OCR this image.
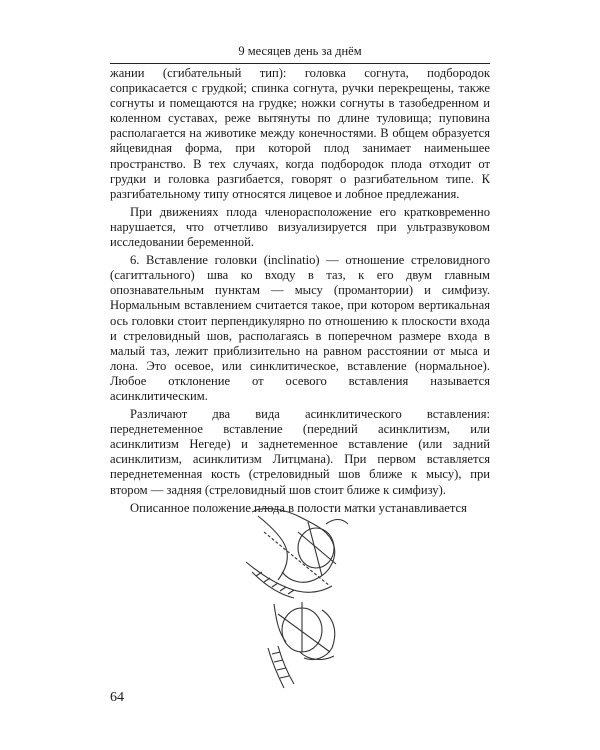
9 месяцев день за днём

жании (сгибательный тип): головка согнута, подбородок соприкасается с грудкой; спинка согнута, ручки перекрещены, также согнуты и помещаются на грудке; ножки согнуты в тазобедренном и коленном суставах, реже вытянуты по длине туловища; пуповина располагается на животике между конечностями. В общем образуется яйцевидная форма, при которой плод занимает наименьшее пространство. В тех случаях, когда подбородок плода отходит от грудки и головка разгибается, говорят о разгибательном типе. К разгибательному типу относятся лицевое и лобное предлежания.

При движениях плода членорасположение его кратковременно нарушается, что отчетливо визуализируется при ультразвуковом исследовании беременной.

6. Вставление головки (inclinatio) — отношение стреловидного (сагиттального) шва ко входу в таз, к его двум главным опознавательным пунктам — мысу (промантории) и симфизу. Нормальным вставлением считается такое, при котором вертикальная ось головки стоит перпендикулярно по отношению к плоскости входа и стреловидный шов, располагаясь в поперечном размере входа в малый таз, лежит приблизительно на равном расстоянии от мыса и лона. Это осевое, или синклитическое, вставление (нормальное). Любое отклонение от осевого вставления называется асинклитическим.

Различают два вида асинклитического вставления: переднетеменное вставление (передний асинклитизм, или асинклитизм Негеде) и заднетеменное вставление (или задний асинклитизм, асинклитизм Литцмана). При первом вставляется переднетеменная кость (стреловидный шов ближе к мысу), при втором — задняя (стреловидный шов стоит ближе к симфизу).

Описанное положение плода в полости матки устанавливается

64
